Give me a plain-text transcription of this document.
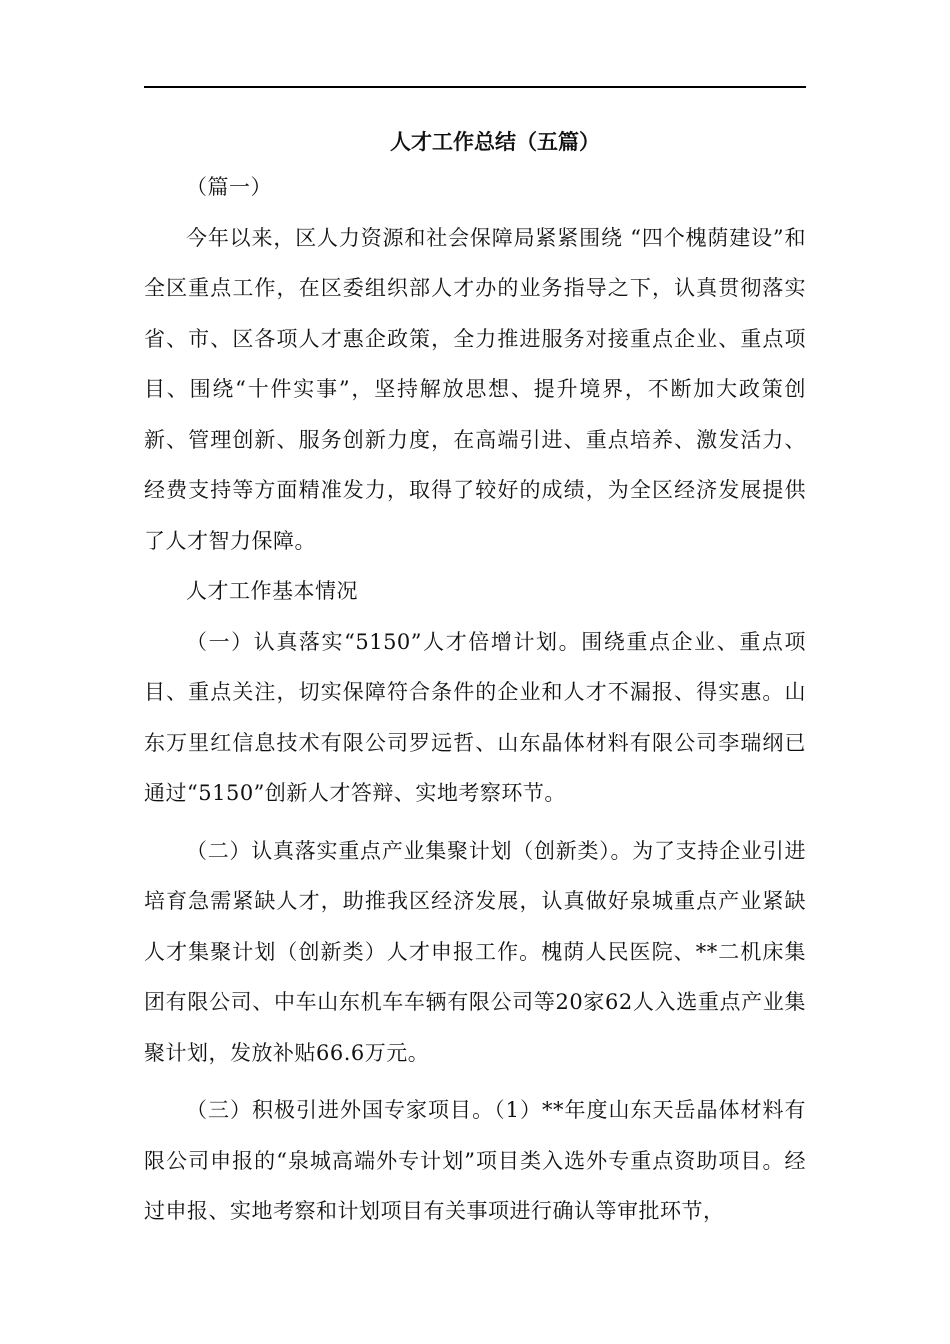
人才工作总结（五篇）

（篇一）

今年以来，区人力资源和社会保障局紧紧围绕 “四个槐荫建设”和全区重点工作，在区委组织部人才办的业务指导之下，认真贯彻落实省、市、区各项人才惠企政策，全力推进服务对接重点企业、重点项目、围绕“十件实事”，坚持解放思想、提升境界，不断加大政策创新、管理创新、服务创新力度，在高端引进、重点培养、激发活力、经费支持等方面精准发力，取得了较好的成绩，为全区经济发展提供了人才智力保障。

人才工作基本情况

（一）认真落实“5150”人才倍增计划。围绕重点企业、重点项目、重点关注，切实保障符合条件的企业和人才不漏报、得实惠。山东万里红信息技术有限公司罗远哲、山东晶体材料有限公司李瑞纲已通过“5150”创新人才答辩、实地考察环节。

（二）认真落实重点产业集聚计划（创新类）。为了支持企业引进培育急需紧缺人才，助推我区经济发展，认真做好泉城重点产业紧缺人才集聚计划（创新类）人才申报工作。槐荫人民医院、**二机床集团有限公司、中车山东机车车辆有限公司等20家62人入选重点产业集聚计划，发放补贴66.6万元。

（三）积极引进外国专家项目。（1）**年度山东天岳晶体材料有限公司申报的“泉城高端外专计划”项目类入选外专重点资助项目。经过申报、实地考察和计划项目有关事项进行确认等审批环节，
